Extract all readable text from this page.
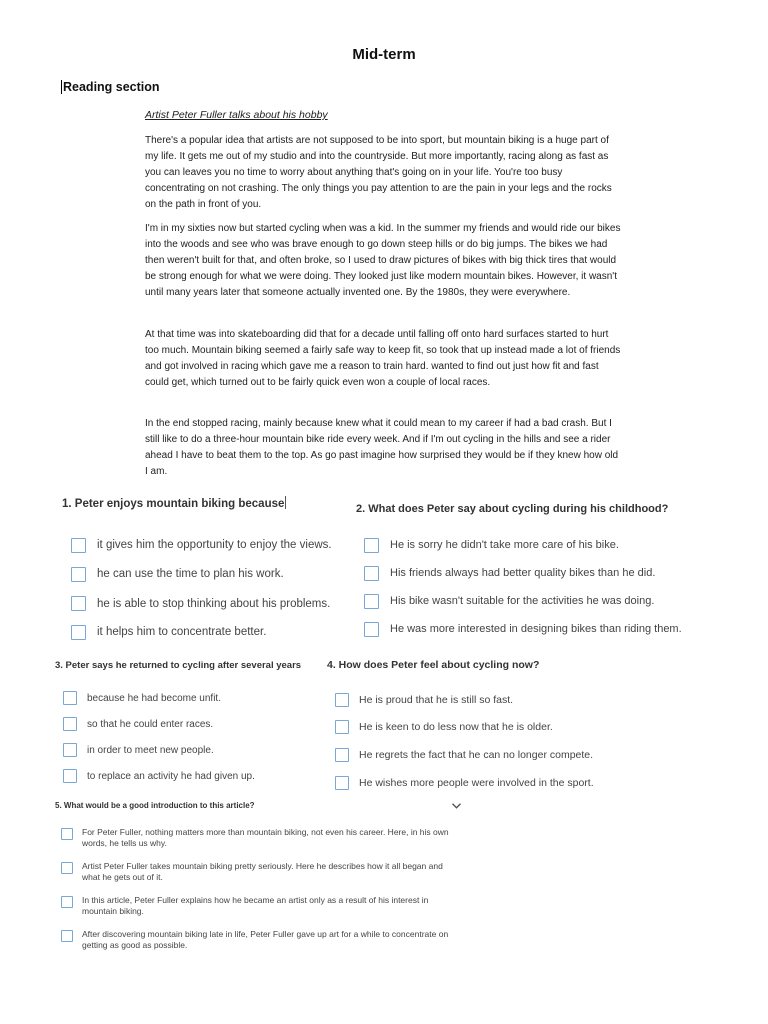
Mid-term
Reading section
Artist Peter Fuller talks about his hobby

There's a popular idea that artists are not supposed to be into sport, but mountain biking is a huge part of my life. It gets me out of my studio and into the countryside. But more importantly, racing along as fast as you can leaves you no time to worry about anything that's going on in your life. You're too busy concentrating on not crashing. The only things you pay attention to are the pain in your legs and the rocks on the path in front of you.

I'm in my sixties now but started cycling when was a kid. In the summer my friends and would ride our bikes into the woods and see who was brave enough to go down steep hills or do big jumps. The bikes we had then weren't built for that, and often broke, so I used to draw pictures of bikes with big thick tires that would be strong enough for what we were doing. They looked just like modern mountain bikes. However, it wasn't until many years later that someone actually invented one. By the 1980s, they were everywhere.

At that time was into skateboarding did that for a decade until falling off onto hard surfaces started to hurt too much. Mountain biking seemed a fairly safe way to keep fit, so took that up instead made a lot of friends and got involved in racing which gave me a reason to train hard. wanted to find out just how fit and fast could get, which turned out to be fairly quick even won a couple of local races.

In the end stopped racing, mainly because knew what it could mean to my career if had a bad crash. But I still like to do a three-hour mountain bike ride every week. And if I'm out cycling in the hills and see a rider ahead I have to beat them to the top. As go past imagine how surprised they would be if they knew how old I am.

1. Peter enjoys mountain biking because
it gives him the opportunity to enjoy the views.
he can use the time to plan his work.
he is able to stop thinking about his problems.
it helps him to concentrate better.
2. What does Peter say about cycling during his childhood?
He is sorry he didn't take more care of his bike.
His friends always had better quality bikes than he did.
His bike wasn't suitable for the activities he was doing.
He was more interested in designing bikes than riding them.
3. Peter says he returned to cycling after several years
because he had become unfit.
so that he could enter races.
in order to meet new people.
to replace an activity he had given up.
4. How does Peter feel about cycling now?
He is proud that he is still so fast.
He is keen to do less now that he is older.
He regrets the fact that he can no longer compete.
He wishes more people were involved in the sport.
5. What would be a good introduction to this article?
For Peter Fuller, nothing matters more than mountain biking, not even his career. Here, in his own words, he tells us why.
Artist Peter Fuller takes mountain biking pretty seriously. Here he describes how it all began and what he gets out of it.
In this article, Peter Fuller explains how he became an artist only as a result of his interest in mountain biking.
After discovering mountain biking late in life, Peter Fuller gave up art for a while to concentrate on getting as good as possible.
